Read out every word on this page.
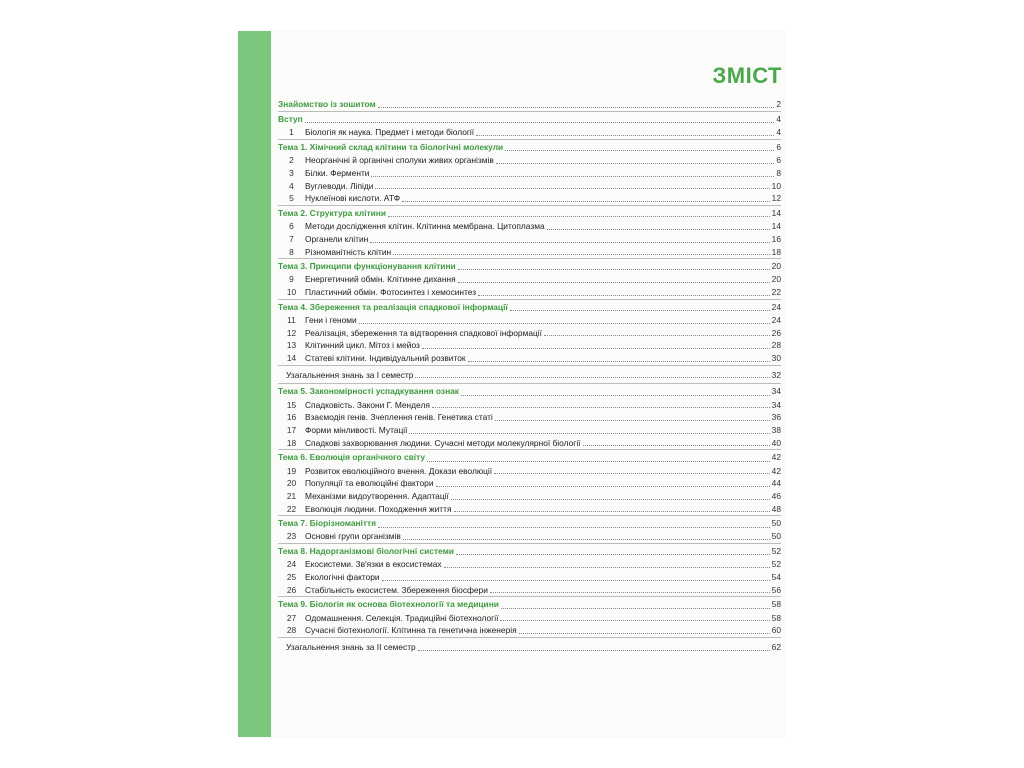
ЗМІСТ
Знайомство із зошитом	2
Вступ	4
1	Біологія як наука. Предмет і методи біології	4
Тема 1. Хімічний склад клітини та біологічні молекули	6
2	Неорганічні й органічні сполуки живих організмів	6
3	Білки. Ферменти	8
4	Вуглеводи. Ліпіди	10
5	Нуклеїнові кислоти. АТФ	12
Тема 2. Структура клітини	14
6	Методи дослідження клітин. Клітинна мембрана. Цитоплазма	14
7	Органели клітин	16
8	Різноманітність клітин	18
Тема 3. Принципи функціонування клітини	20
9	Енергетичний обмін. Клітинне дихання	20
10	Пластичний обмін. Фотосинтез і хемосинтез	22
Тема 4. Збереження та реалізація спадкової інформації	24
11	Гени і геноми	24
12	Реалізація, збереження та відтворення спадкової інформації	26
13	Клітинний цикл. Мітоз і мейоз	28
14	Статеві клітини. Індивідуальний розвиток	30
Узагальнення знань за I семестр	32
Тема 5. Закономірності успадкування ознак	34
15	Спадковість. Закони Г. Менделя	34
16	Взаємодія генів. Зчеплення генів. Генетика статі	36
17	Форми мінливості. Мутації	38
18	Спадкові захворювання людини. Сучасні методи молекулярної біології	40
Тема 6. Еволюція органічного світу	42
19	Розвиток еволюційного вчення. Докази еволюції	42
20	Популяції та еволюційні фактори	44
21	Механізми видоутворення. Адаптації	46
22	Еволюція людини. Походження життя	48
Тема 7. Біорізноманіття	50
23	Основні групи організмів	50
Тема 8. Надорганізмові біологічні системи	52
24	Екосистеми. Зв'язки в екосистемах	52
25	Екологічні фактори	54
26	Стабільність екосистем. Збереження біосфери	56
Тема 9. Біологія як основа біотехнології та медицини	58
27	Одомашнення. Селекція. Традиційні біотехнології	58
28	Сучасні біотехнології. Клітинна та генетична інженерія	60
Узагальнення знань за II семестр	62
